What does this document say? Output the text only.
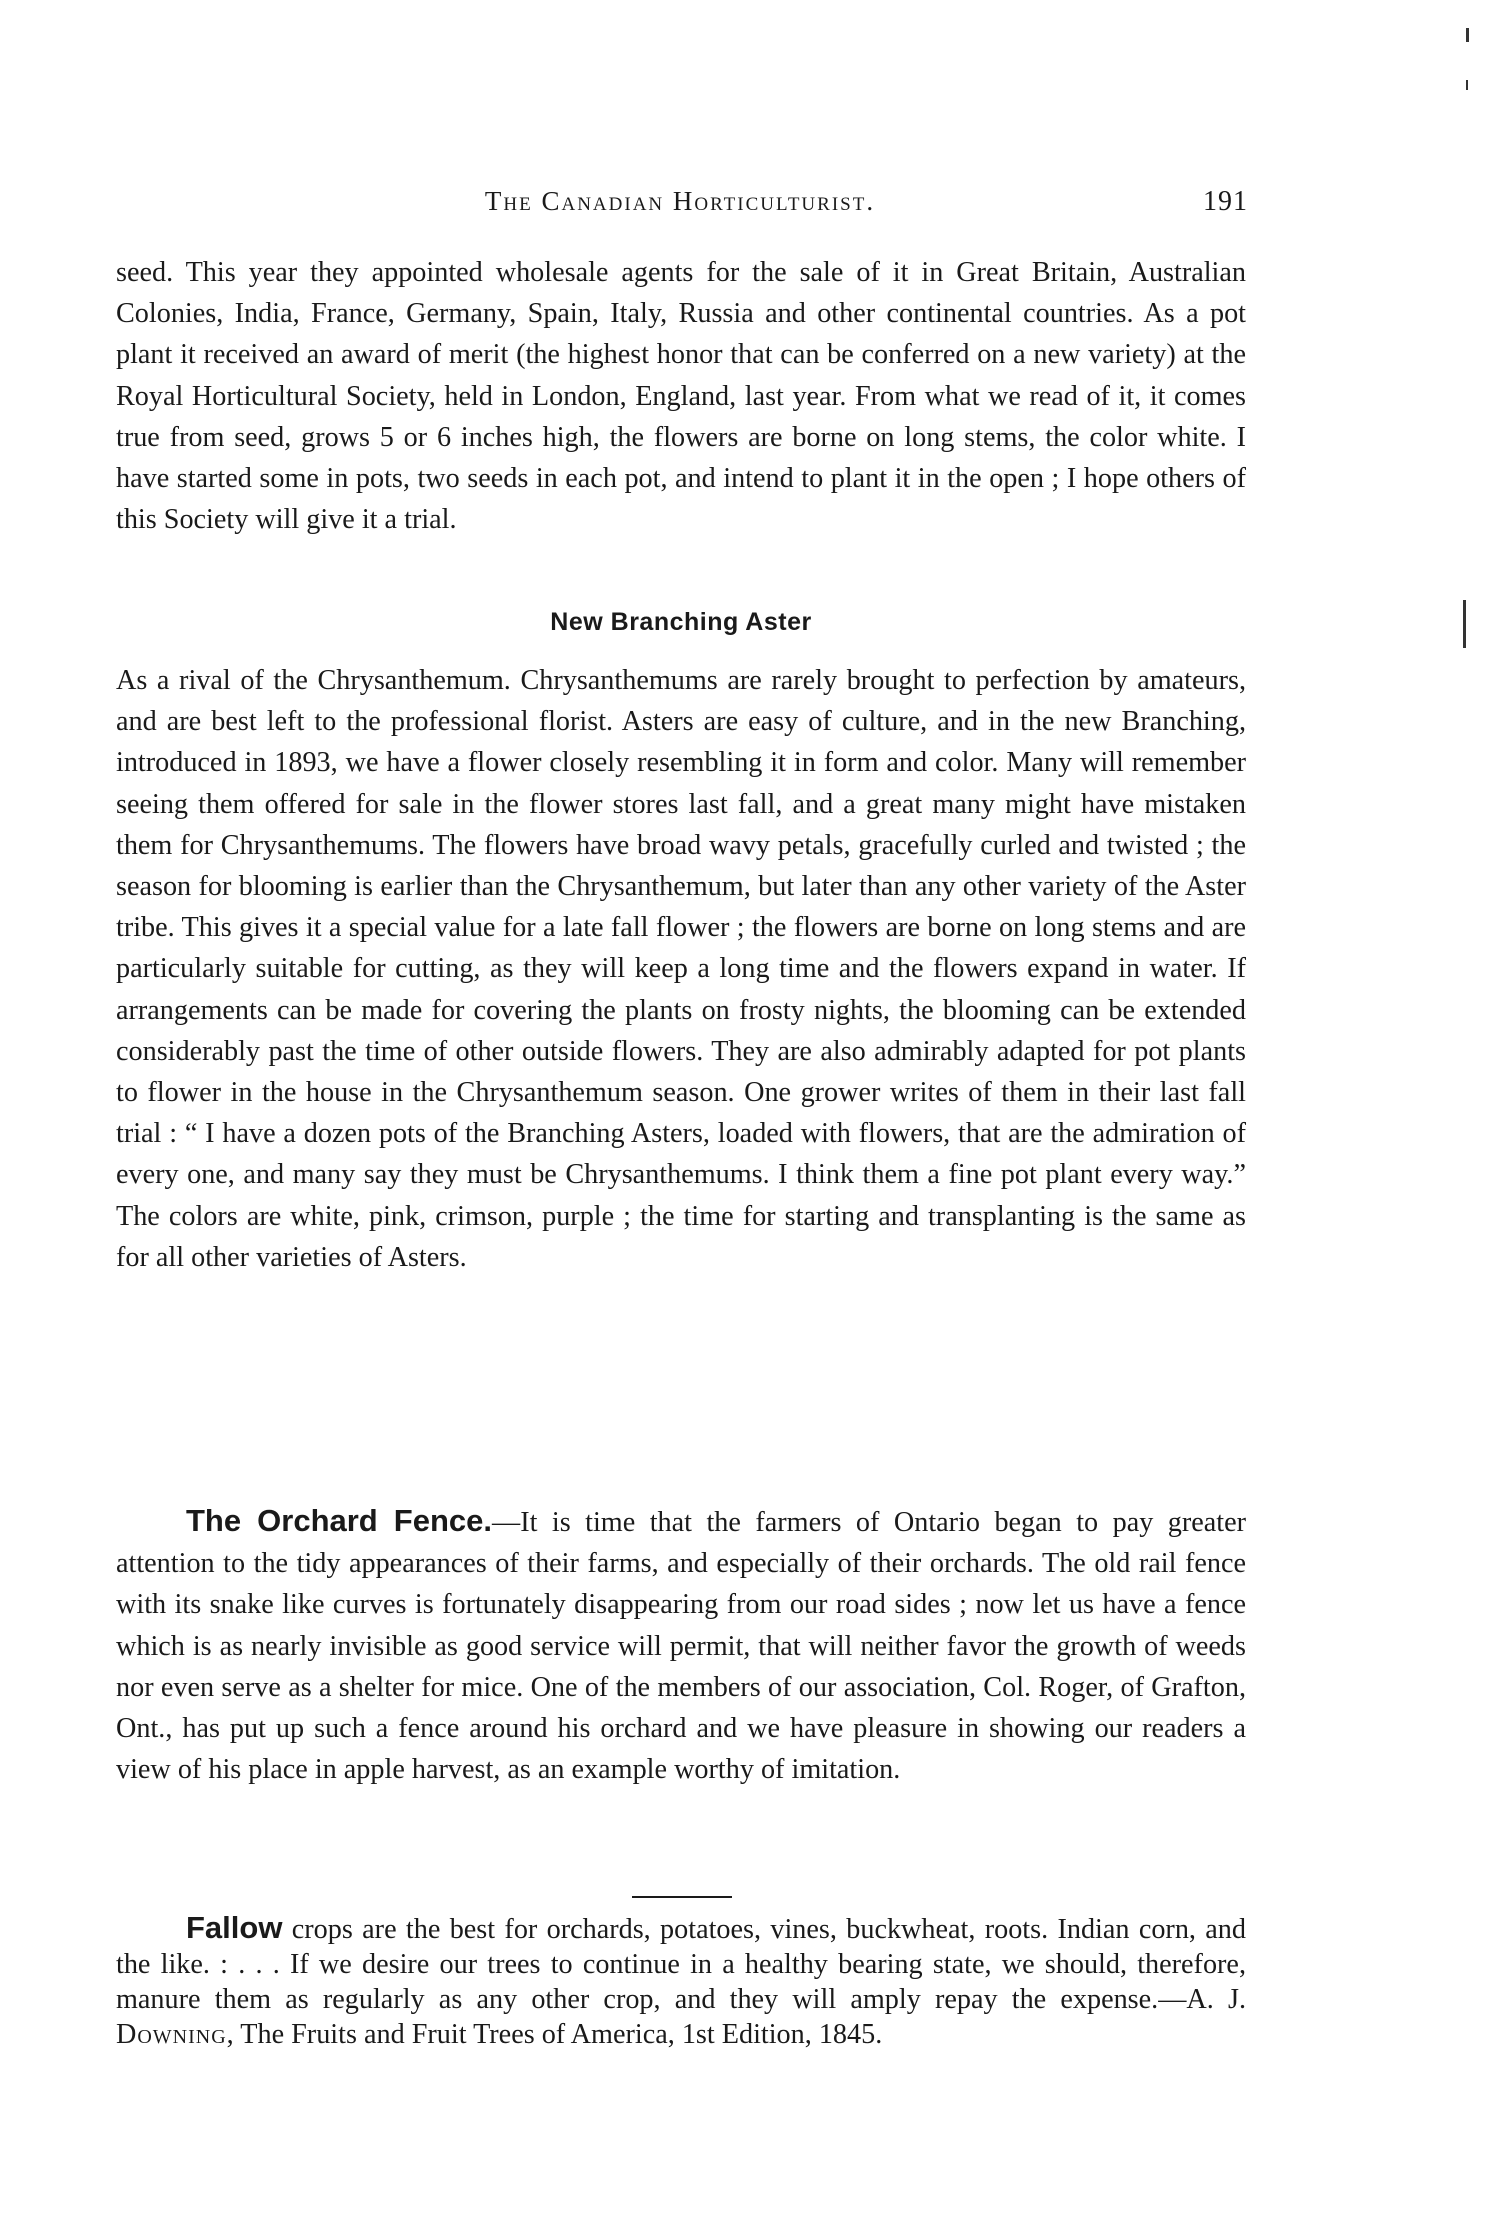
The Canadian Horticulturist.	191

seed. This year they appointed wholesale agents for the sale of it in Great Britain, Australian Colonies, India, France, Germany, Spain, Italy, Russia and other continental countries. As a pot plant it received an award of merit (the highest honor that can be conferred on a new variety) at the Royal Horticultural Society, held in London, England, last year. From what we read of it, it comes true from seed, grows 5 or 6 inches high, the flowers are borne on long stems, the color white. I have started some in pots, two seeds in each pot, and intend to plant it in the open ; I hope others of this Society will give it a trial.

New Branching Aster

As a rival of the Chrysanthemum. Chrysanthemums are rarely brought to perfection by amateurs, and are best left to the professional florist. Asters are easy of culture, and in the new Branching, introduced in 1893, we have a flower closely resembling it in form and color. Many will remember seeing them offered for sale in the flower stores last fall, and a great many might have mistaken them for Chrysanthemums. The flowers have broad wavy petals, gracefully curled and twisted ; the season for blooming is earlier than the Chrysanthemum, but later than any other variety of the Aster tribe. This gives it a special value for a late fall flower ; the flowers are borne on long stems and are particularly suitable for cutting, as they will keep a long time and the flowers expand in water. If arrangements can be made for covering the plants on frosty nights, the blooming can be extended considerably past the time of other outside flowers. They are also admirably adapted for pot plants to flower in the house in the Chrysanthemum season. One grower writes of them in their last fall trial : “ I have a dozen pots of the Branching Asters, loaded with flowers, that are the admiration of every one, and many say they must be Chrysanthemums. I think them a fine pot plant every way.” The colors are white, pink, crimson, purple ; the time for starting and transplanting is the same as for all other varieties of Asters.

The Orchard Fence.—It is time that the farmers of Ontario began to pay greater attention to the tidy appearances of their farms, and especially of their orchards. The old rail fence with its snake like curves is fortunately disappearing from our road sides ; now let us have a fence which is as nearly invisible as good service will permit, that will neither favor the growth of weeds nor even serve as a shelter for mice. One of the members of our association, Col. Roger, of Grafton, Ont., has put up such a fence around his orchard and we have pleasure in showing our readers a view of his place in apple harvest, as an example worthy of imitation.
Fallow crops are the best for orchards, potatoes, vines, buckwheat, roots. Indian corn, and the like. : . . . If we desire our trees to continue in a healthy bearing state, we should, therefore, manure them as regularly as any other crop, and they will amply repay the expense.—A. J. Downing, The Fruits and Fruit Trees of America, 1st Edition, 1845.
